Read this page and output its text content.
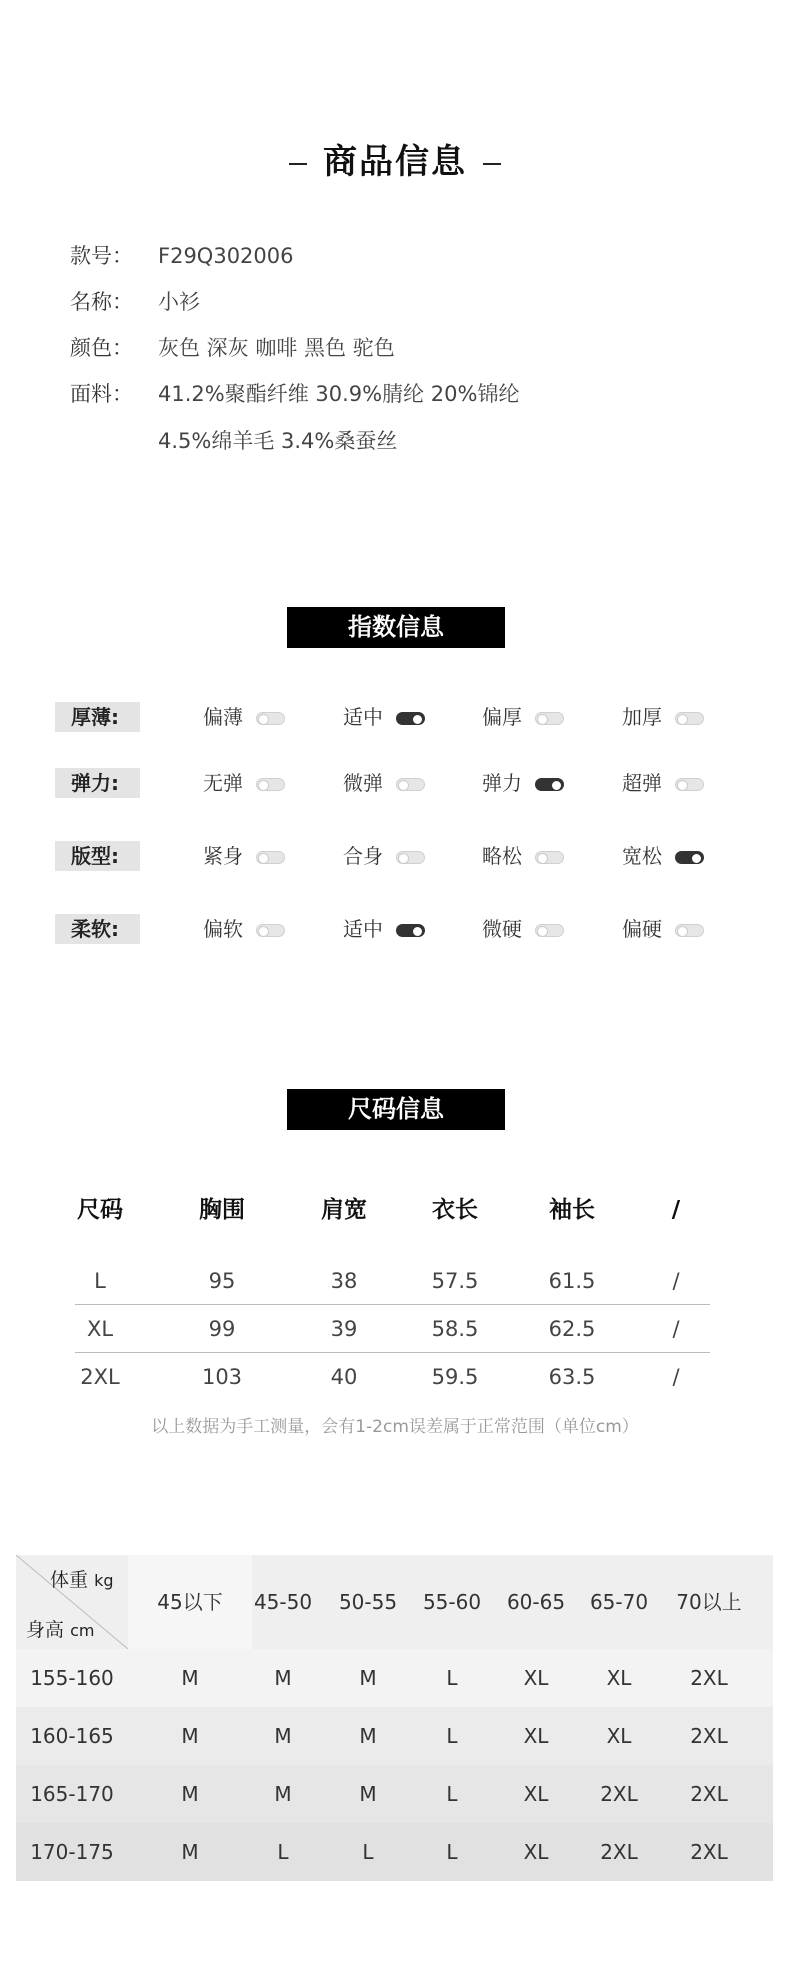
商品信息
款号： F29Q302006
名称： 小衫
颜色： 灰色 深灰 咖啡 黑色 驼色
面料： 41.2%聚酯纤维 30.9%腈纶 20%锦纶
4.5%绵羊毛 3.4%桑蚕丝
指数信息
厚薄:	偏薄	适中	偏厚	加厚
弹力:	无弹	微弹	弹力	超弹
版型:	紧身	合身	略松	宽松
柔软:	偏软	适中	微硬	偏硬
尺码信息
尺码	胸围	肩宽	衣长	袖长	/
L	95	38	57.5	61.5	/
XL	99	39	58.5	62.5	/
2XL	103	40	59.5	63.5	/
以上数据为手工测量，会有1-2cm误差属于正常范围（单位cm）
体重 kg
身高 cm
45以下	45-50	50-55	55-60	60-65	65-70	70以上
155-160	M	M	M	L	XL	XL	2XL
160-165	M	M	M	L	XL	XL	2XL
165-170	M	M	M	L	XL	2XL	2XL
170-175	M	L	L	L	XL	2XL	2XL
